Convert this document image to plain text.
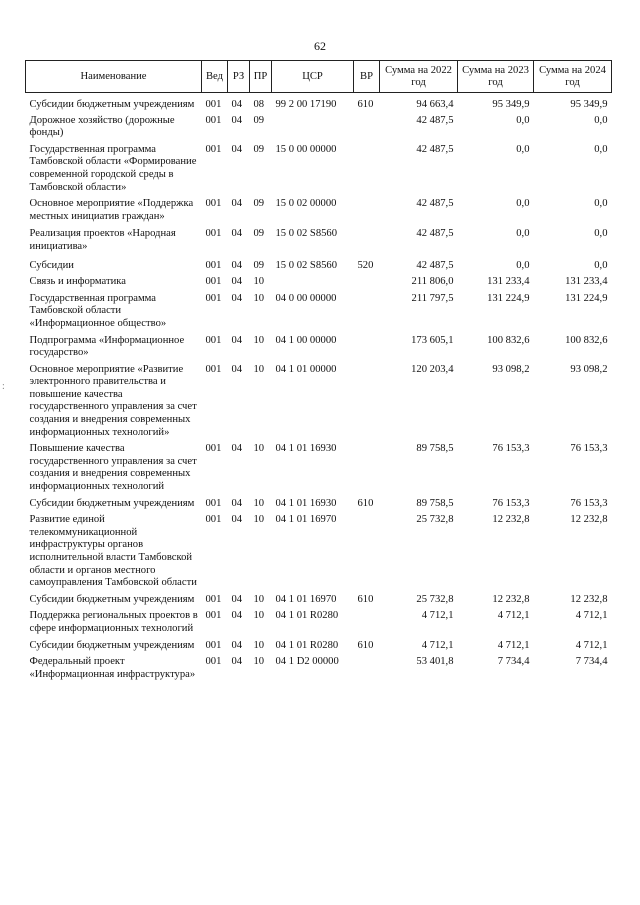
62
Наименование	Вед	РЗ	ПР	ЦСР	ВР	Сумма на 2022 год	Сумма на 2023 год	Сумма на 2024 год
Субсидии бюджетным учреждениям	001	04	08	99 2 00 17190	610	94 663,4	95 349,9	95 349,9
Дорожное хозяйство (дорожные фонды)	001	04	09			42 487,5	0,0	0,0
Государственная программа Тамбовской области «Формирование современной городской среды в Тамбовской области»	001	04	09	15 0 00 00000		42 487,5	0,0	0,0
Основное мероприятие «Поддержка местных инициатив граждан»	001	04	09	15 0 02 00000		42 487,5	0,0	0,0
Реализация проектов «Народная инициатива»	001	04	09	15 0 02 S8560		42 487,5	0,0	0,0
Субсидии	001	04	09	15 0 02 S8560	520	42 487,5	0,0	0,0
Связь и информатика	001	04	10			211 806,0	131 233,4	131 233,4
Государственная программа Тамбовской области «Информационное общество»	001	04	10	04 0 00 00000		211 797,5	131 224,9	131 224,9
Подпрограмма «Информационное государство»	001	04	10	04 1 00 00000		173 605,1	100 832,6	100 832,6
Основное мероприятие «Развитие электронного правительства и повышение качества государственного управления за счет создания и внедрения современных информационных технологий»	001	04	10	04 1 01 00000		120 203,4	93 098,2	93 098,2
Повышение качества государственного управления за счет создания и внедрения современных информационных технологий	001	04	10	04 1 01 16930		89 758,5	76 153,3	76 153,3
Субсидии бюджетным учреждениям	001	04	10	04 1 01 16930	610	89 758,5	76 153,3	76 153,3
Развитие единой телекоммуникационной инфраструктуры органов исполнительной власти Тамбовской области и органов местного самоуправления Тамбовской области	001	04	10	04 1 01 16970		25 732,8	12 232,8	12 232,8
Субсидии бюджетным учреждениям	001	04	10	04 1 01 16970	610	25 732,8	12 232,8	12 232,8
Поддержка региональных проектов в сфере информационных технологий	001	04	10	04 1 01 R0280		4 712,1	4 712,1	4 712,1
Субсидии бюджетным учреждениям	001	04	10	04 1 01 R0280	610	4 712,1	4 712,1	4 712,1
Федеральный проект «Информационная инфраструктура»	001	04	10	04 1 D2 00000		53 401,8	7 734,4	7 734,4
:
